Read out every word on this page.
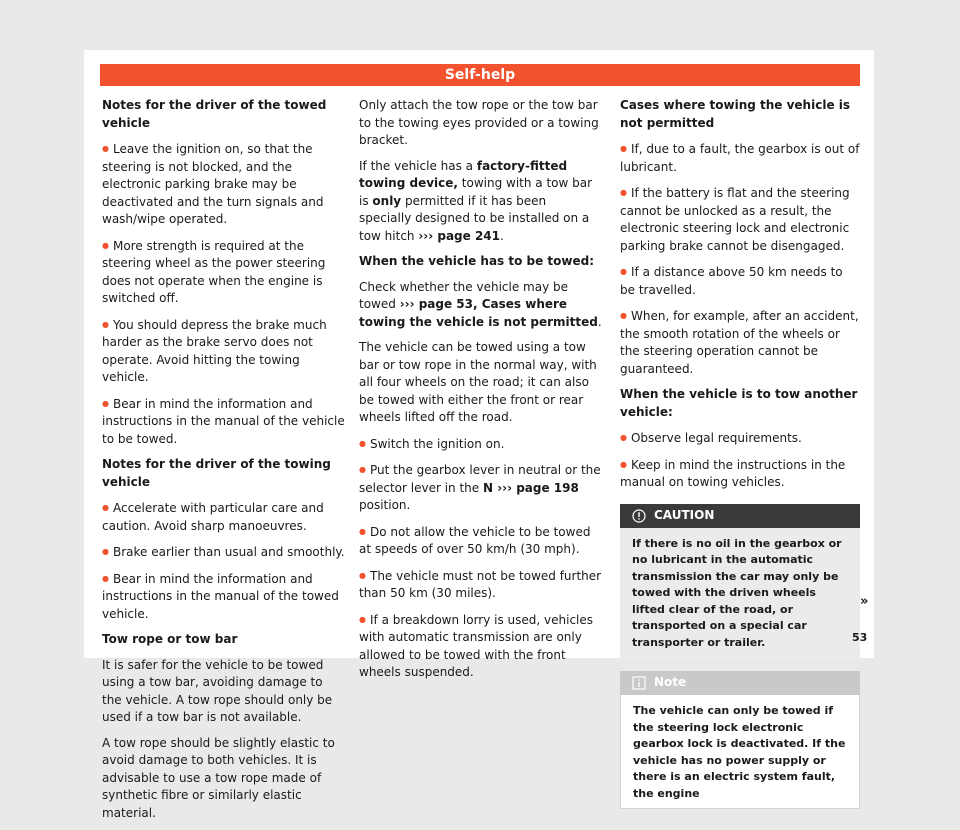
Self-help

Notes for the driver of the towed vehicle

● Leave the ignition on, so that the steering is not blocked, and the electronic parking brake may be deactivated and the turn signals and wash/wipe operated.

● More strength is required at the steering wheel as the power steering does not operate when the engine is switched off.

● You should depress the brake much harder as the brake servo does not operate. Avoid hitting the towing vehicle.

● Bear in mind the information and instructions in the manual of the vehicle to be towed.

Notes for the driver of the towing vehicle

● Accelerate with particular care and caution. Avoid sharp manoeuvres.

● Brake earlier than usual and smoothly.

● Bear in mind the information and instructions in the manual of the towed vehicle.

Tow rope or tow bar

It is safer for the vehicle to be towed using a tow bar, avoiding damage to the vehicle. A tow rope should only be used if a tow bar is not available.

A tow rope should be slightly elastic to avoid damage to both vehicles. It is advisable to use a tow rope made of synthetic fibre or similarly elastic material.

Only attach the tow rope or the tow bar to the towing eyes provided or a towing bracket.

If the vehicle has a factory-fitted towing device, towing with a tow bar is only permitted if it has been specially designed to be installed on a tow hitch ››› page 241.

When the vehicle has to be towed:

Check whether the vehicle may be towed ››› page 53, Cases where towing the vehicle is not permitted.

The vehicle can be towed using a tow bar or tow rope in the normal way, with all four wheels on the road; it can also be towed with either the front or rear wheels lifted off the road.

● Switch the ignition on.

● Put the gearbox lever in neutral or the selector lever in the N ››› page 198 position.

● Do not allow the vehicle to be towed at speeds of over 50 km/h (30 mph).

● The vehicle must not be towed further than 50 km (30 miles).

● If a breakdown lorry is used, vehicles with automatic transmission are only allowed to be towed with the front wheels suspended.

Cases where towing the vehicle is not permitted

● If, due to a fault, the gearbox is out of lubricant.

● If the battery is flat and the steering cannot be unlocked as a result, the electronic steering lock and electronic parking brake cannot be disengaged.

● If a distance above 50 km needs to be travelled.

● When, for example, after an accident, the smooth rotation of the wheels or the steering operation cannot be guaranteed.

When the vehicle is to tow another vehicle:

● Observe legal requirements.

● Keep in mind the instructions in the manual on towing vehicles.

CAUTION
If there is no oil in the gearbox or no lubricant in the automatic transmission the car may only be towed with the driven wheels lifted clear of the road, or transported on a special car transporter or trailer.
Note
The vehicle can only be towed if the steering lock electronic gearbox lock is deactivated. If the vehicle has no power supply or there is an electric system fault, the engine
»
53
